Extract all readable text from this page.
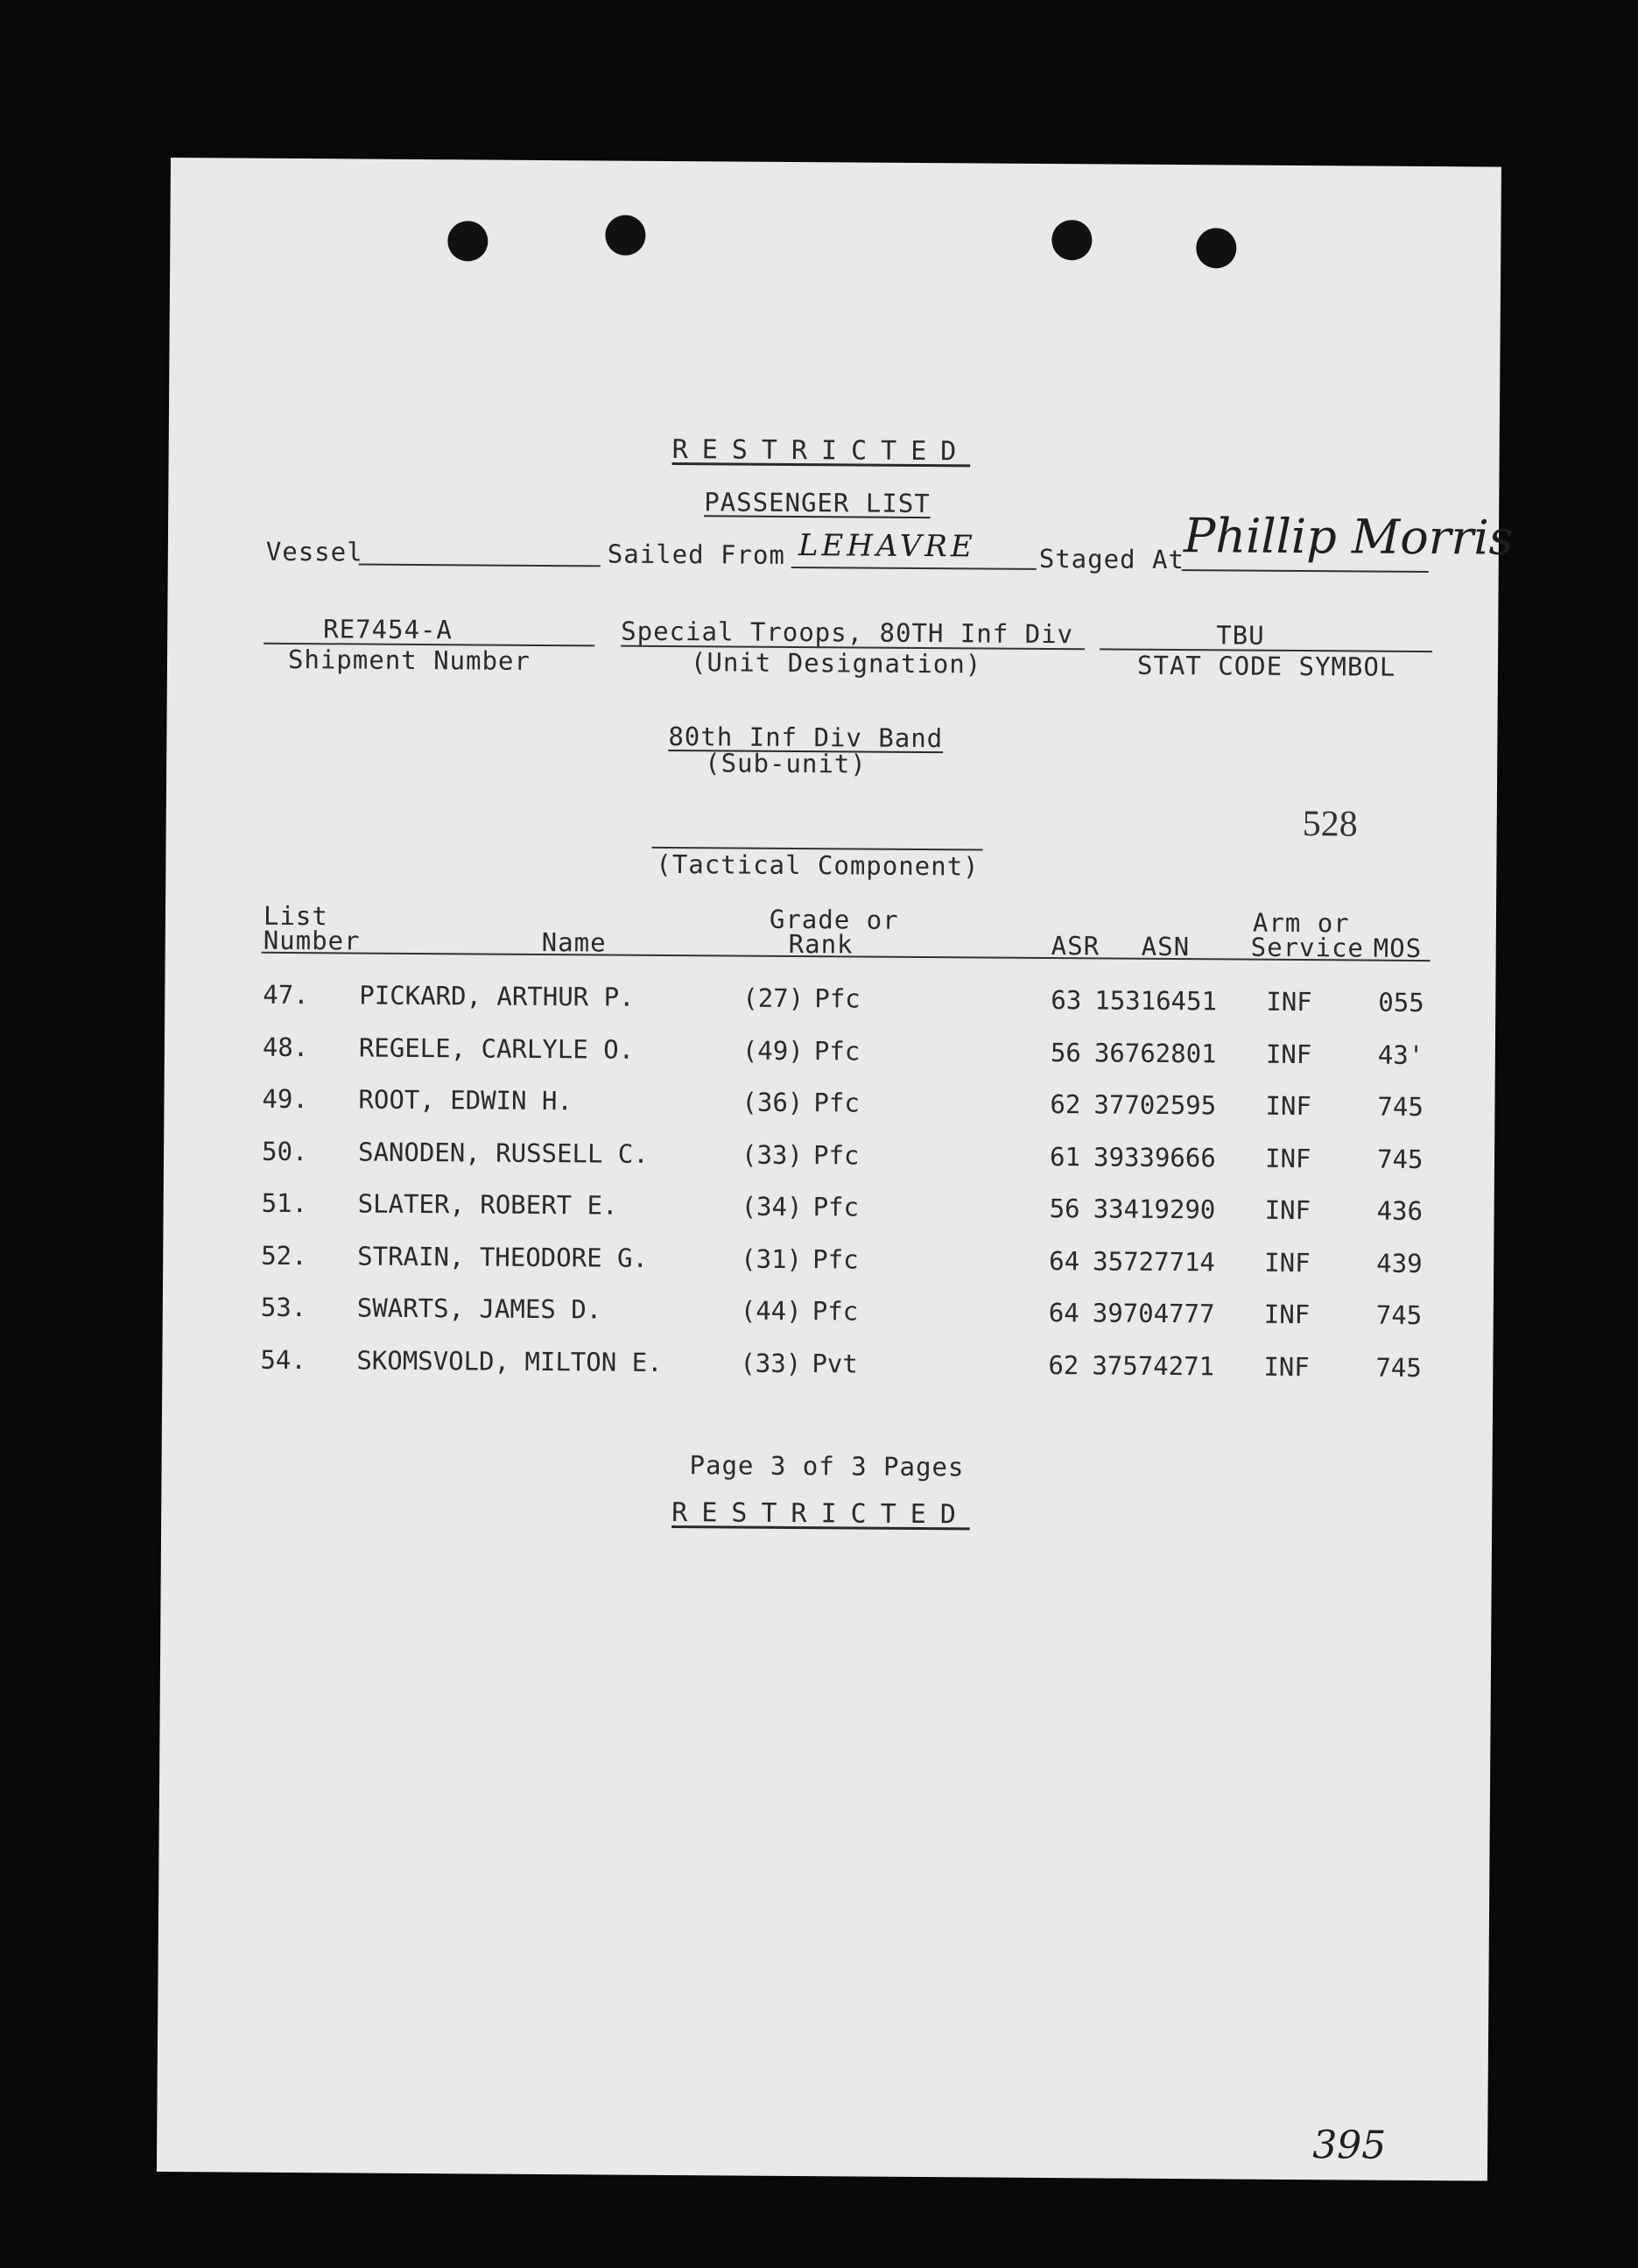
RESTRICTED
PASSENGER LIST
Vessel	Sailed From LEHAVRE Staged At
Phillip Morris
RE7454-A
Shipment Number
Special Troops, 80TH Inf Div
(Unit Designation)
TBU
STAT CODE SYMBOL
80th Inf Div Band
(Sub-unit)
528
(Tactical Component)
List
Number	Name
Grade or
Rank	ASR ASN
Arm or
Service MOS
47. PICKARD, ARTHUR P.	(27) Pfc	63 15316451 INF	055
48. REGELE, CARLYLE O.	(49) Pfc	56 36762801 INF	43'
49. ROOT, EDWIN H.	(36) Pfc	62 37702595 INF	745
50. SANODEN, RUSSELL C.	(33) Pfc	61 39339666 INF	745
51. SLATER, ROBERT E.	(34) Pfc	56 33419290 INF	436
52. STRAIN, THEODORE G.	(31) Pfc	64 35727714 INF	439
53. SWARTS, JAMES D.	(44) Pfc	64 39704777 INF	745
54. SKOMSVOLD, MILTON E.	(33) Pvt	62 37574271 INF	745
Page 3 of 3 Pages
RESTRICTED
395
